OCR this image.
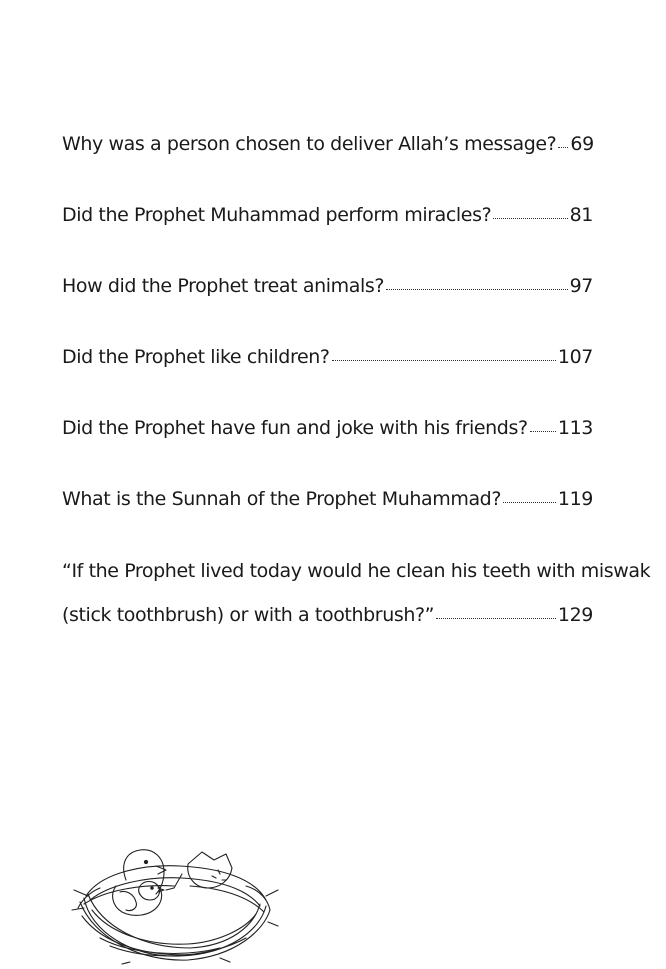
Why was a person chosen to deliver Allah’s message? 69
Did the Prophet Muhammad perform miracles?	81
How did the Prophet treat animals?	97
Did the Prophet like children?	107
Did the Prophet have fun and joke with his friends? 113
What is the Sunnah of the Prophet Muhammad?	119
“If the Prophet lived today would he clean his teeth with miswak
(stick toothbrush) or with a toothbrush?”	129
